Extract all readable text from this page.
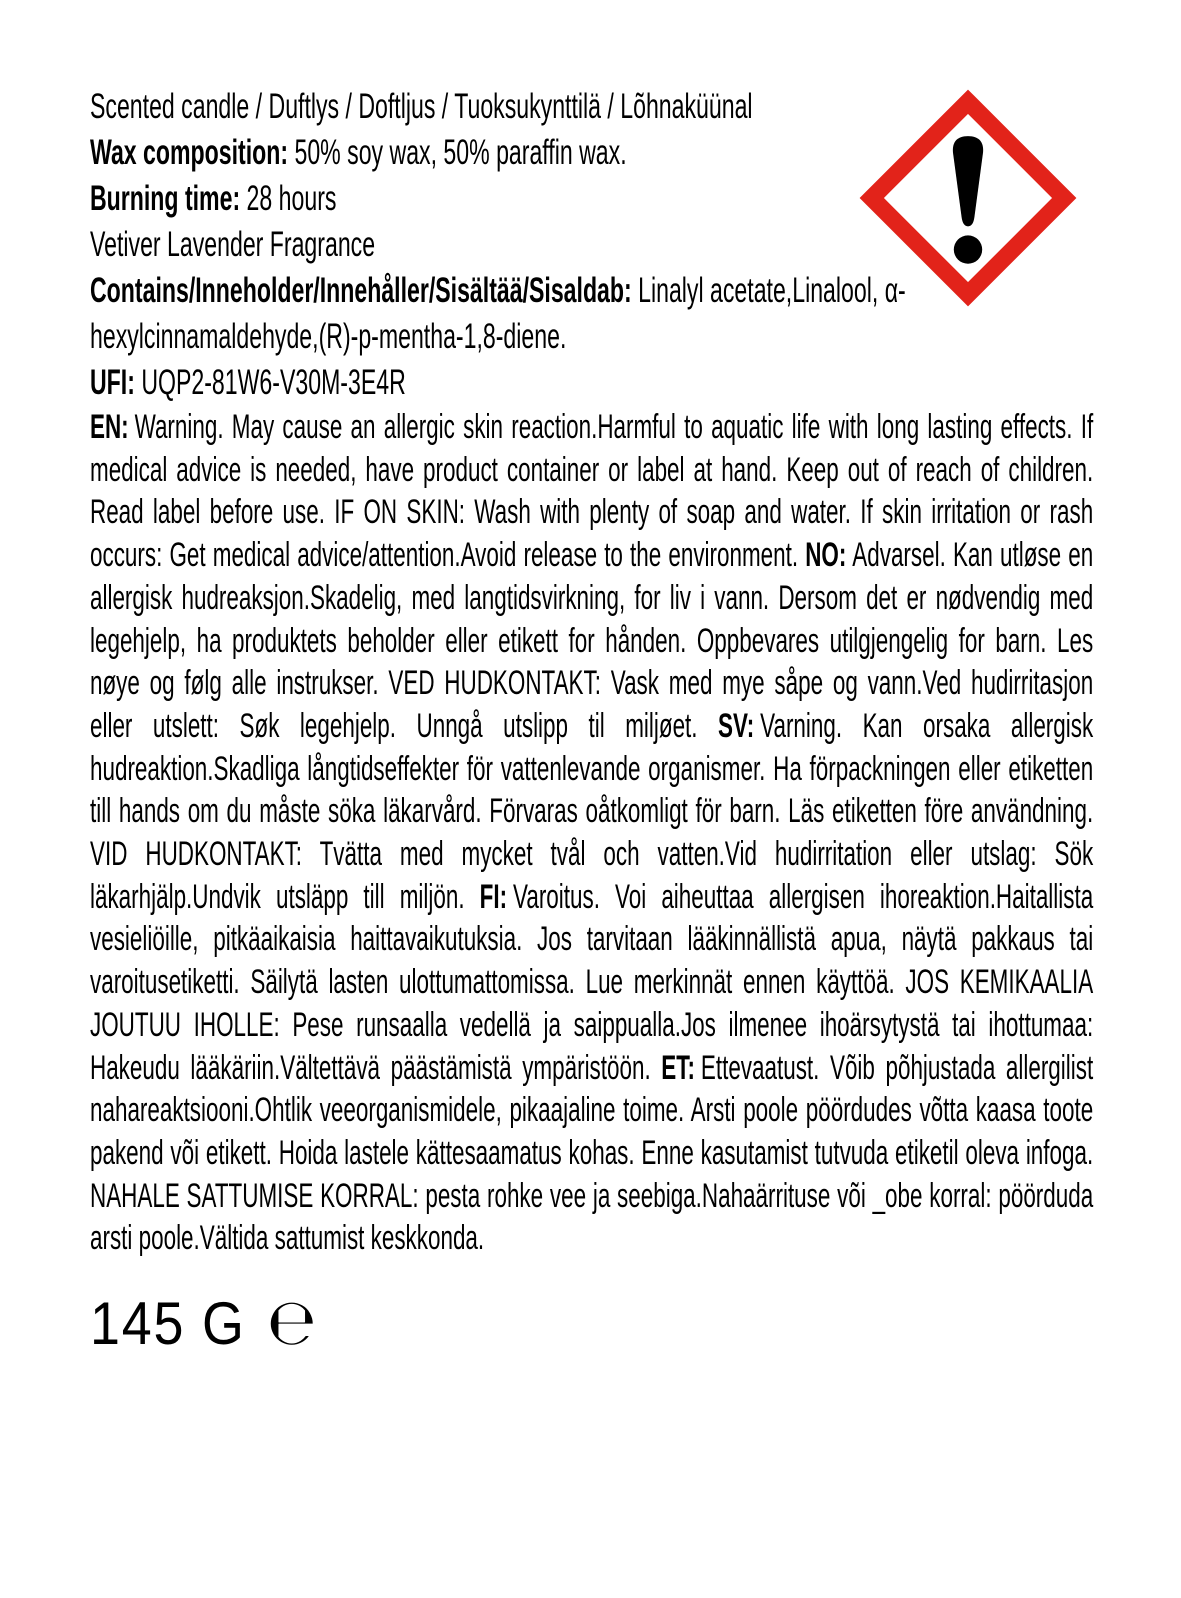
Scented candle / Duftlys / Doftljus / Tuoksukynttilä / Lõhnaküünal

Wax composition: 50% soy wax, 50% paraffin wax.

Burning time: 28 hours

Vetiver Lavender Fragrance

Contains/Inneholder/Innehåller/Sisältää/Sisaldab: Linalyl acetate,Linalool, α-hexylcinnamaldehyde,(R)-p-mentha-1,8-diene.

UFI: UQP2-81W6-V30M-3E4R

EN: Warning. May cause an allergic skin reaction.Harmful to aquatic life with long lasting effects. If medical advice is needed, have product container or label at hand. Keep out of reach of children. Read label before use. IF ON SKIN: Wash with plenty of soap and water. If skin irritation or rash occurs: Get medical advice/attention.Avoid release to the environment. NO: Advarsel. Kan utløse en allergisk hudreaksjon.Skadelig, med langtidsvirkning, for liv i vann. Dersom det er nødvendig med legehjelp, ha produktets beholder eller etikett for hånden. Oppbevares utilgjengelig for barn. Les nøye og følg alle instrukser. VED HUDKONTAKT: Vask med mye såpe og vann.Ved hudirritasjon eller utslett: Søk legehjelp. Unngå utslipp til miljøet. SV: Varning. Kan orsaka allergisk hudreaktion.Skadliga långtidseffekter för vattenlevande organismer. Ha förpackningen eller etiketten till hands om du måste söka läkarvård. Förvaras oåtkomligt för barn. Läs etiketten före användning. VID HUDKONTAKT: Tvätta med mycket tvål och vatten.Vid hudirritation eller utslag: Sök läkarhjälp.Undvik utsläpp till miljön. FI: Varoitus. Voi aiheuttaa allergisen ihoreaktion.Haitallista vesieliöille, pitkäaikaisia haittavaikutuksia. Jos tarvitaan lääkinnällistä apua, näytä pakkaus tai varoitusetiketti. Säilytä lasten ulottumattomissa. Lue merkinnät ennen käyttöä. JOS KEMIKAALIA JOUTUU IHOLLE: Pese runsaalla vedellä ja saippualla.Jos ilmenee ihoärsytystä tai ihottumaa: Hakeudu lääkäriin.Vältettävä päästämistä ympäristöön. ET: Ettevaatust. Võib põhjustada allergilist nahareaktsiooni.Ohtlik veeorganismidele, pikaajaline toime. Arsti poole pöördudes võtta kaasa toote pakend või etikett. Hoida lastele kättesaamatus kohas. Enne kasutamist tutvuda etiketil oleva infoga. NAHALE SATTUMISE KORRAL: pesta rohke vee ja seebiga.Nahaärrituse või _obe korral: pöörduda arsti poole.Vältida sattumist keskkonda.

145 G ℮
